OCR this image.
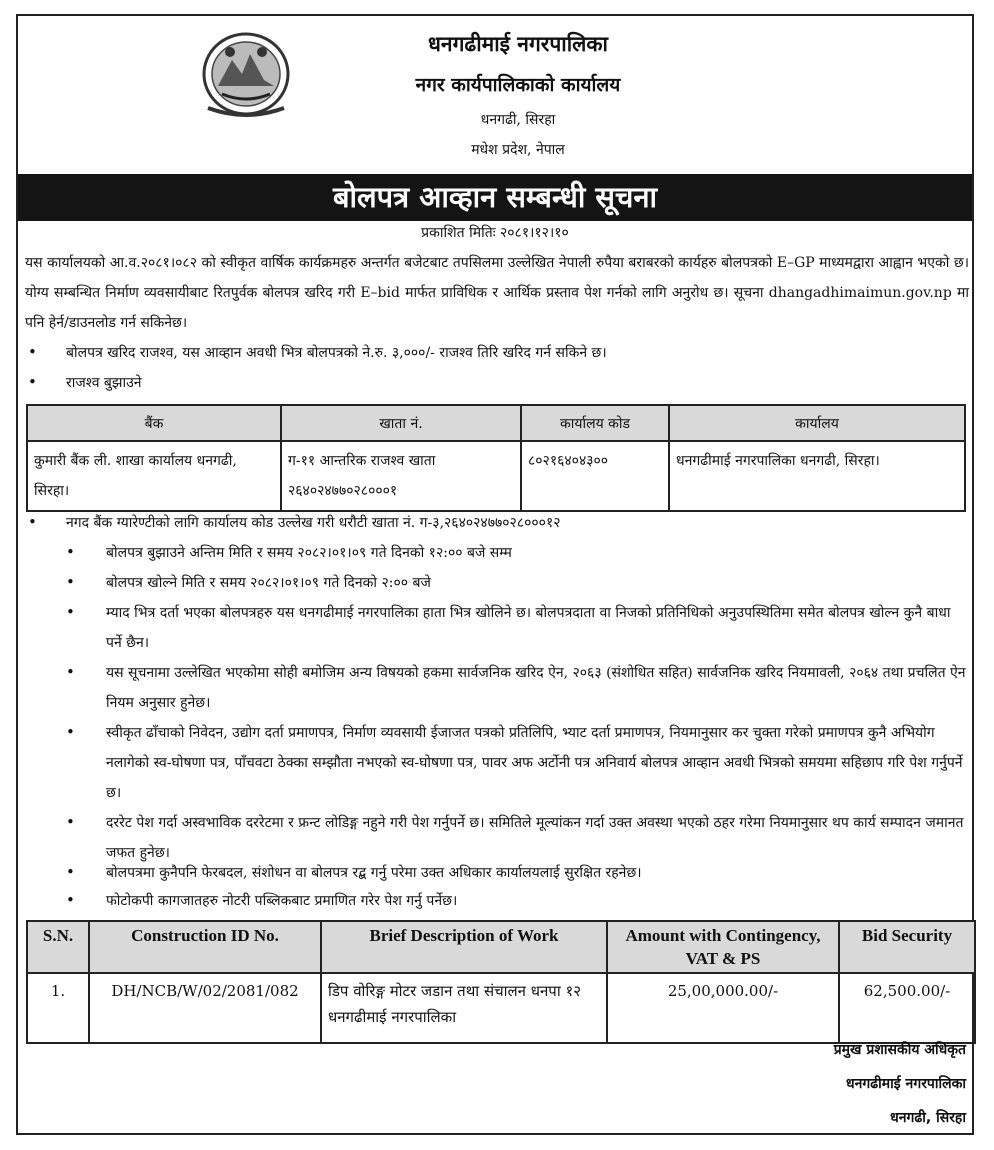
धनगढीमाई नगरपालिका
नगर कार्यपालिकाको कार्यालय
धनगढी, सिरहा
मधेश प्रदेश, नेपाल
बोलपत्र आव्हान सम्बन्धी सूचना
प्रकाशित मितिः २०८१।१२।१०
यस कार्यालयको आ.व.२०८१।०८२ को स्वीकृत वार्षिक कार्यक्रमहरु अन्तर्गत बजेटबाट तपसिलमा उल्लेखित नेपाली रुपैया बराबरको कार्यहरु बोलपत्रको E–GP माध्यमद्वारा आह्वान भएको छ। योग्य सम्बन्धित निर्माण व्यवसायीबाट रितपुर्वक बोलपत्र खरिद गरी E–bid मार्फत प्राविधिक र आर्थिक प्रस्ताव पेश गर्नको लागि अनुरोध छ। सूचना dhangadhimaimun.gov.np मा पनि हेर्न/डाउनलोड गर्न सकिनेछ।
• बोलपत्र खरिद राजश्व, यस आव्हान अवधी भित्र बोलपत्रको ने.रु. ३,०००/- राजश्व तिरि खरिद गर्न सकिने छ।
• राजश्व बुझाउने
बैंक	खाता नं.	कार्यालय कोड	कार्यालय
कुमारी बैंक ली. शाखा कार्यालय धनगढी, सिरहा।	ग-११ आन्तरिक राजश्व खाता २६४०२४७७०२८०००१	८०२१६४०४३००	धनगढीमाई नगरपालिका धनगढी, सिरहा।
• नगद बैंक ग्यारेण्टीको लागि कार्यालय कोड उल्लेख गरी धरौटी खाता नं. ग-३,२६४०२४७७०२८०००१२
• बोलपत्र बुझाउने अन्तिम मिति र समय २०८२।०१।०९ गते दिनको १२:०० बजे सम्म
• बोलपत्र खोल्ने मिति र समय २०८२।०१।०९ गते दिनको २:०० बजे
• म्याद भित्र दर्ता भएका बोलपत्रहरु यस धनगढीमाई नगरपालिका हाता भित्र खोलिने छ। बोलपत्रदाता वा निजको प्रतिनिधिको अनुउपस्थितिमा समेत बोलपत्र खोल्न कुनै बाधा पर्ने छैन।
• यस सूचनामा उल्लेखित भएकोमा सोही बमोजिम अन्य विषयको हकमा सार्वजनिक खरिद ऐन, २०६३ (संशोधित सहित) सार्वजनिक खरिद नियमावली, २०६४ तथा प्रचलित ऐन नियम अनुसार हुनेछ।
• स्वीकृत ढाँचाको निवेदन, उद्योग दर्ता प्रमाणपत्र, निर्माण व्यवसायी ईजाजत पत्रको प्रतिलिपि, भ्याट दर्ता प्रमाणपत्र, नियमानुसार कर चुक्ता गरेको प्रमाणपत्र कुनै अभियोग नलागेको स्व-घोषणा पत्र, पाँचवटा ठेक्का सम्झौता नभएको स्व-घोषणा पत्र, पावर अफ अर्टोनी पत्र अनिवार्य बोलपत्र आव्हान अवधी भित्रको समयमा सहिछाप गरि पेश गर्नुपर्ने छ।
• दररेट पेश गर्दा अस्वभाविक दररेटमा र फ्रन्ट लोडिङ्ग नहुने गरी पेश गर्नुपर्ने छ। समितिले मूल्यांकन गर्दा उक्त अवस्था भएको ठहर गरेमा नियमानुसार थप कार्य सम्पादन जमानत जफत हुनेछ।
• बोलपत्रमा कुनैपनि फेरबदल, संशोधन वा बोलपत्र रद्ब गर्नु परेमा उक्त अधिकार कार्यालयलाई सुरक्षित रहनेछ।
• फोटोकपी कागजातहरु नोटरी पब्लिकबाट प्रमाणित गरेर पेश गर्नु पर्नेछ।
S.N.	Construction ID No.	Brief Description of Work	Amount with Contingency, VAT & PS	Bid Security
1.	DH/NCB/W/02/2081/082	डिप वोरिङ्ग मोटर जडान तथा संचालन धनपा १२ धनगढीमाई नगरपालिका	25,00,000.00/-	62,500.00/-
प्रमुख प्रशासकीय अधिकृत
धनगढीमाई नगरपालिका
धनगढी, सिरहा
